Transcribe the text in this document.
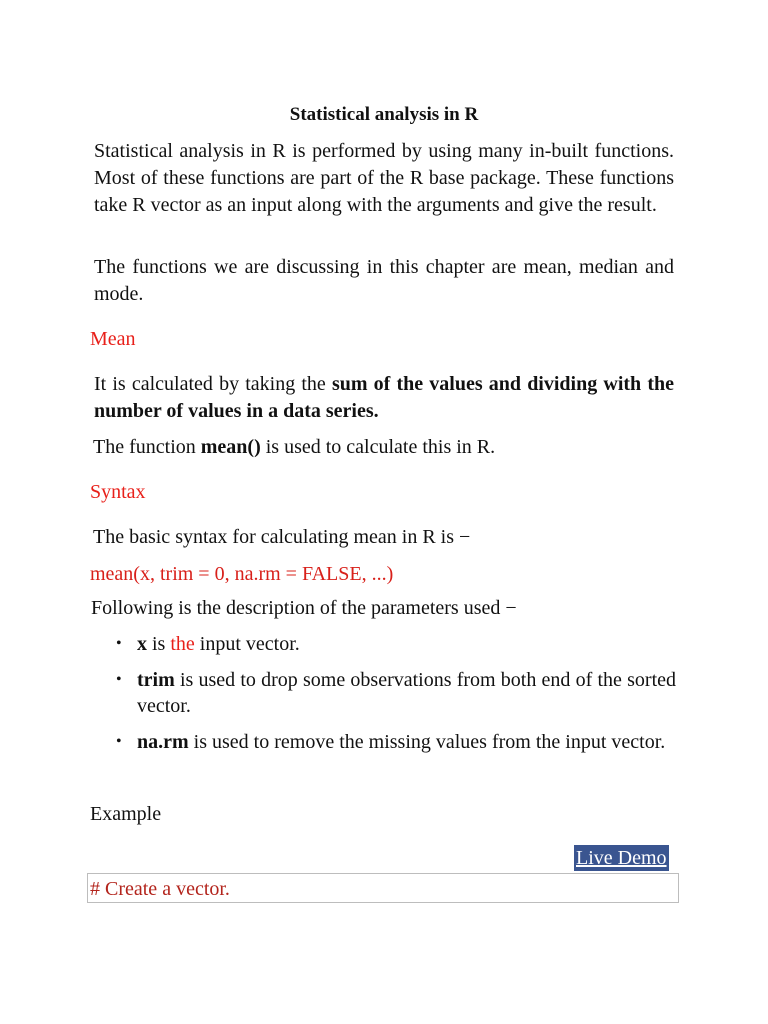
Statistical analysis in R

Statistical analysis in R is performed by using many in-built functions. Most of these functions are part of the R base package. These functions take R vector as an input along with the arguments and give the result.

The functions we are discussing in this chapter are mean, median and mode.

Mean

It is calculated by taking the sum of the values and dividing with the number of values in a data series.

The function mean() is used to calculate this in R.
Syntax
The basic syntax for calculating mean in R is −
mean(x, trim = 0, na.rm = FALSE, ...)
Following is the description of the parameters used −
• x is the input vector.
• trim is used to drop some observations from both end of the sorted vector.
• na.rm is used to remove the missing values from the input vector.
Example
Live Demo
# Create a vector.
